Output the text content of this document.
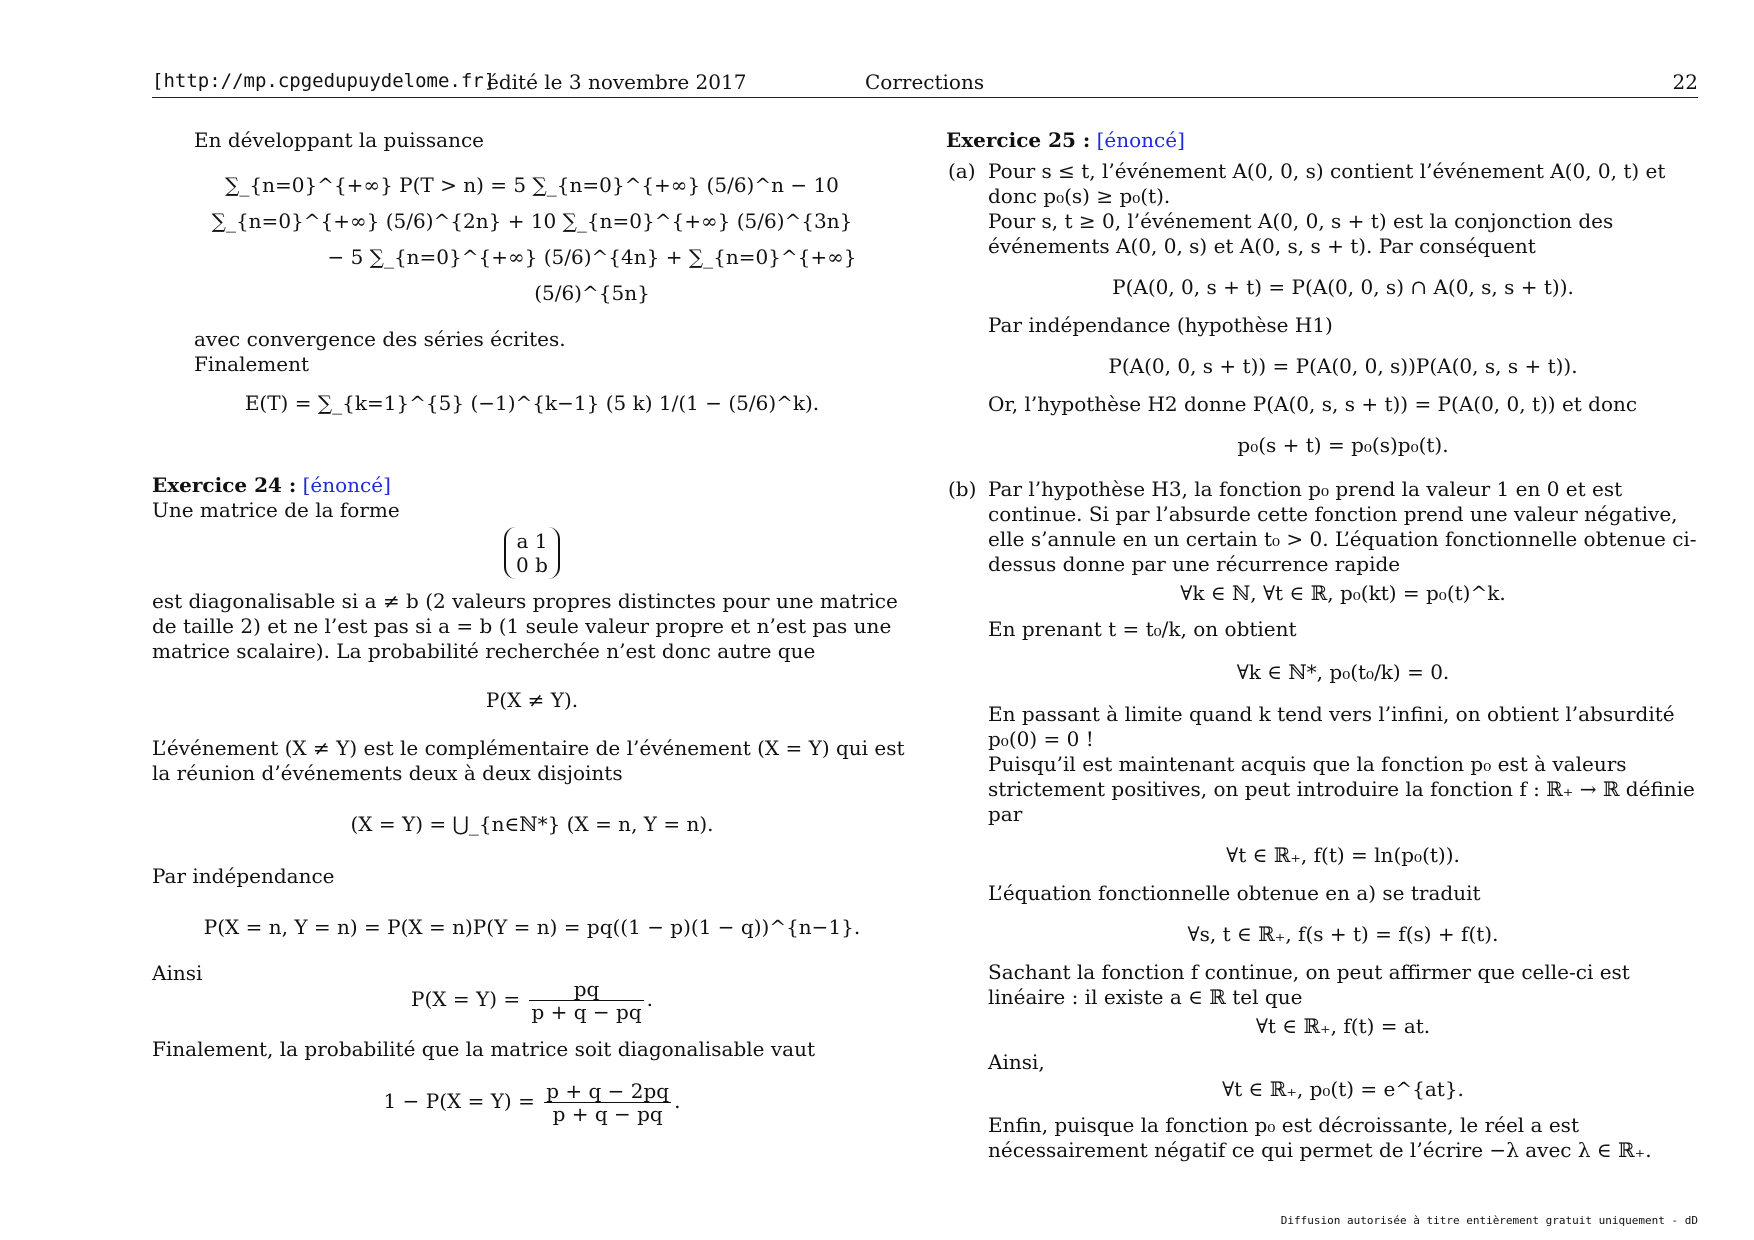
[http://mp.cpgedupuydelome.fr]
édité le 3 novembre 2017	Corrections	22

En développant la puissance

∑_{n=0}^{+∞} P(T > n) = 5 ∑_{n=0}^{+∞} (5/6)^n − 10 ∑_{n=0}^{+∞} (5/6)^{2n} + 10 ∑_{n=0}^{+∞} (5/6)^{3n}
− 5 ∑_{n=0}^{+∞} (5/6)^{4n} + ∑_{n=0}^{+∞} (5/6)^{5n}

avec convergence des séries écrites.

Finalement

E(T) = ∑_{k=1}^{5} (−1)^{k−1} (5 k) 1/(1 − (5/6)^k).

Exercice 24 : [énoncé]

Une matrice de la forme

a 1
0 b

est diagonalisable si a ≠ b (2 valeurs propres distinctes pour une matrice de taille 2) et ne l’est pas si a = b (1 seule valeur propre et n’est pas une matrice scalaire). La probabilité recherchée n’est donc autre que

P(X ≠ Y).

L’événement (X ≠ Y) est le complémentaire de l’événement (X = Y) qui est la réunion d’événements deux à deux disjoints

(X = Y) = ⋃_{n∈ℕ*} (X = n, Y = n).

Par indépendance

P(X = n, Y = n) = P(X = n)P(Y = n) = pq((1 − p)(1 − q))^{n−1}.

Ainsi

$P(X = Y) = \frac{pq}{p + q - pq}$ .

Finalement, la probabilité que la matrice soit diagonalisable vaut

$1 - P(X = Y) = \frac{p + q - 2pq}{p + q - pq}$ .

Exercice 25 : [énoncé]

(a) Pour s ≤ t, l’événement A(0, 0, s) contient l’événement A(0, 0, t) et donc p₀(s) ≥ p₀(t).

Pour s, t ≥ 0, l’événement A(0, 0, s + t) est la conjonction des événements A(0, 0, s) et A(0, s, s + t). Par conséquent

P(A(0, 0, s + t) = P(A(0, 0, s) ∩ A(0, s, s + t)).

Par indépendance (hypothèse H1)

P(A(0, 0, s + t)) = P(A(0, 0, s))P(A(0, s, s + t)).

Or, l’hypothèse H2 donne P(A(0, s, s + t)) = P(A(0, 0, t)) et donc

p₀(s + t) = p₀(s)p₀(t).
(b) Par l’hypothèse H3, la fonction p₀ prend la valeur 1 en 0 et est continue. Si par l’absurde cette fonction prend une valeur négative, elle s’annule en un certain t₀ > 0. L’équation fonctionnelle obtenue ci-dessus donne par une récurrence rapide

∀k ∈ ℕ, ∀t ∈ ℝ, p₀(kt) = p₀(t)^k.

En prenant t = t₀/k, on obtient

∀k ∈ ℕ*, p₀(t₀/k) = 0.

En passant à limite quand k tend vers l’infini, on obtient l’absurdité p₀(0) = 0 !

Puisqu’il est maintenant acquis que la fonction p₀ est à valeurs strictement positives, on peut introduire la fonction f : ℝ₊ → ℝ définie par

∀t ∈ ℝ₊, f(t) = ln(p₀(t)).

L’équation fonctionnelle obtenue en a) se traduit

∀s, t ∈ ℝ₊, f(s + t) = f(s) + f(t).

Sachant la fonction f continue, on peut affirmer que celle-ci est linéaire : il existe a ∈ ℝ tel que

∀t ∈ ℝ₊, f(t) = at.

Ainsi,

∀t ∈ ℝ₊, p₀(t) = e^{at}.

Enfin, puisque la fonction p₀ est décroissante, le réel a est nécessairement négatif ce qui permet de l’écrire −λ avec λ ∈ ℝ₊.

Diffusion autorisée à titre entièrement gratuit uniquement - dD
